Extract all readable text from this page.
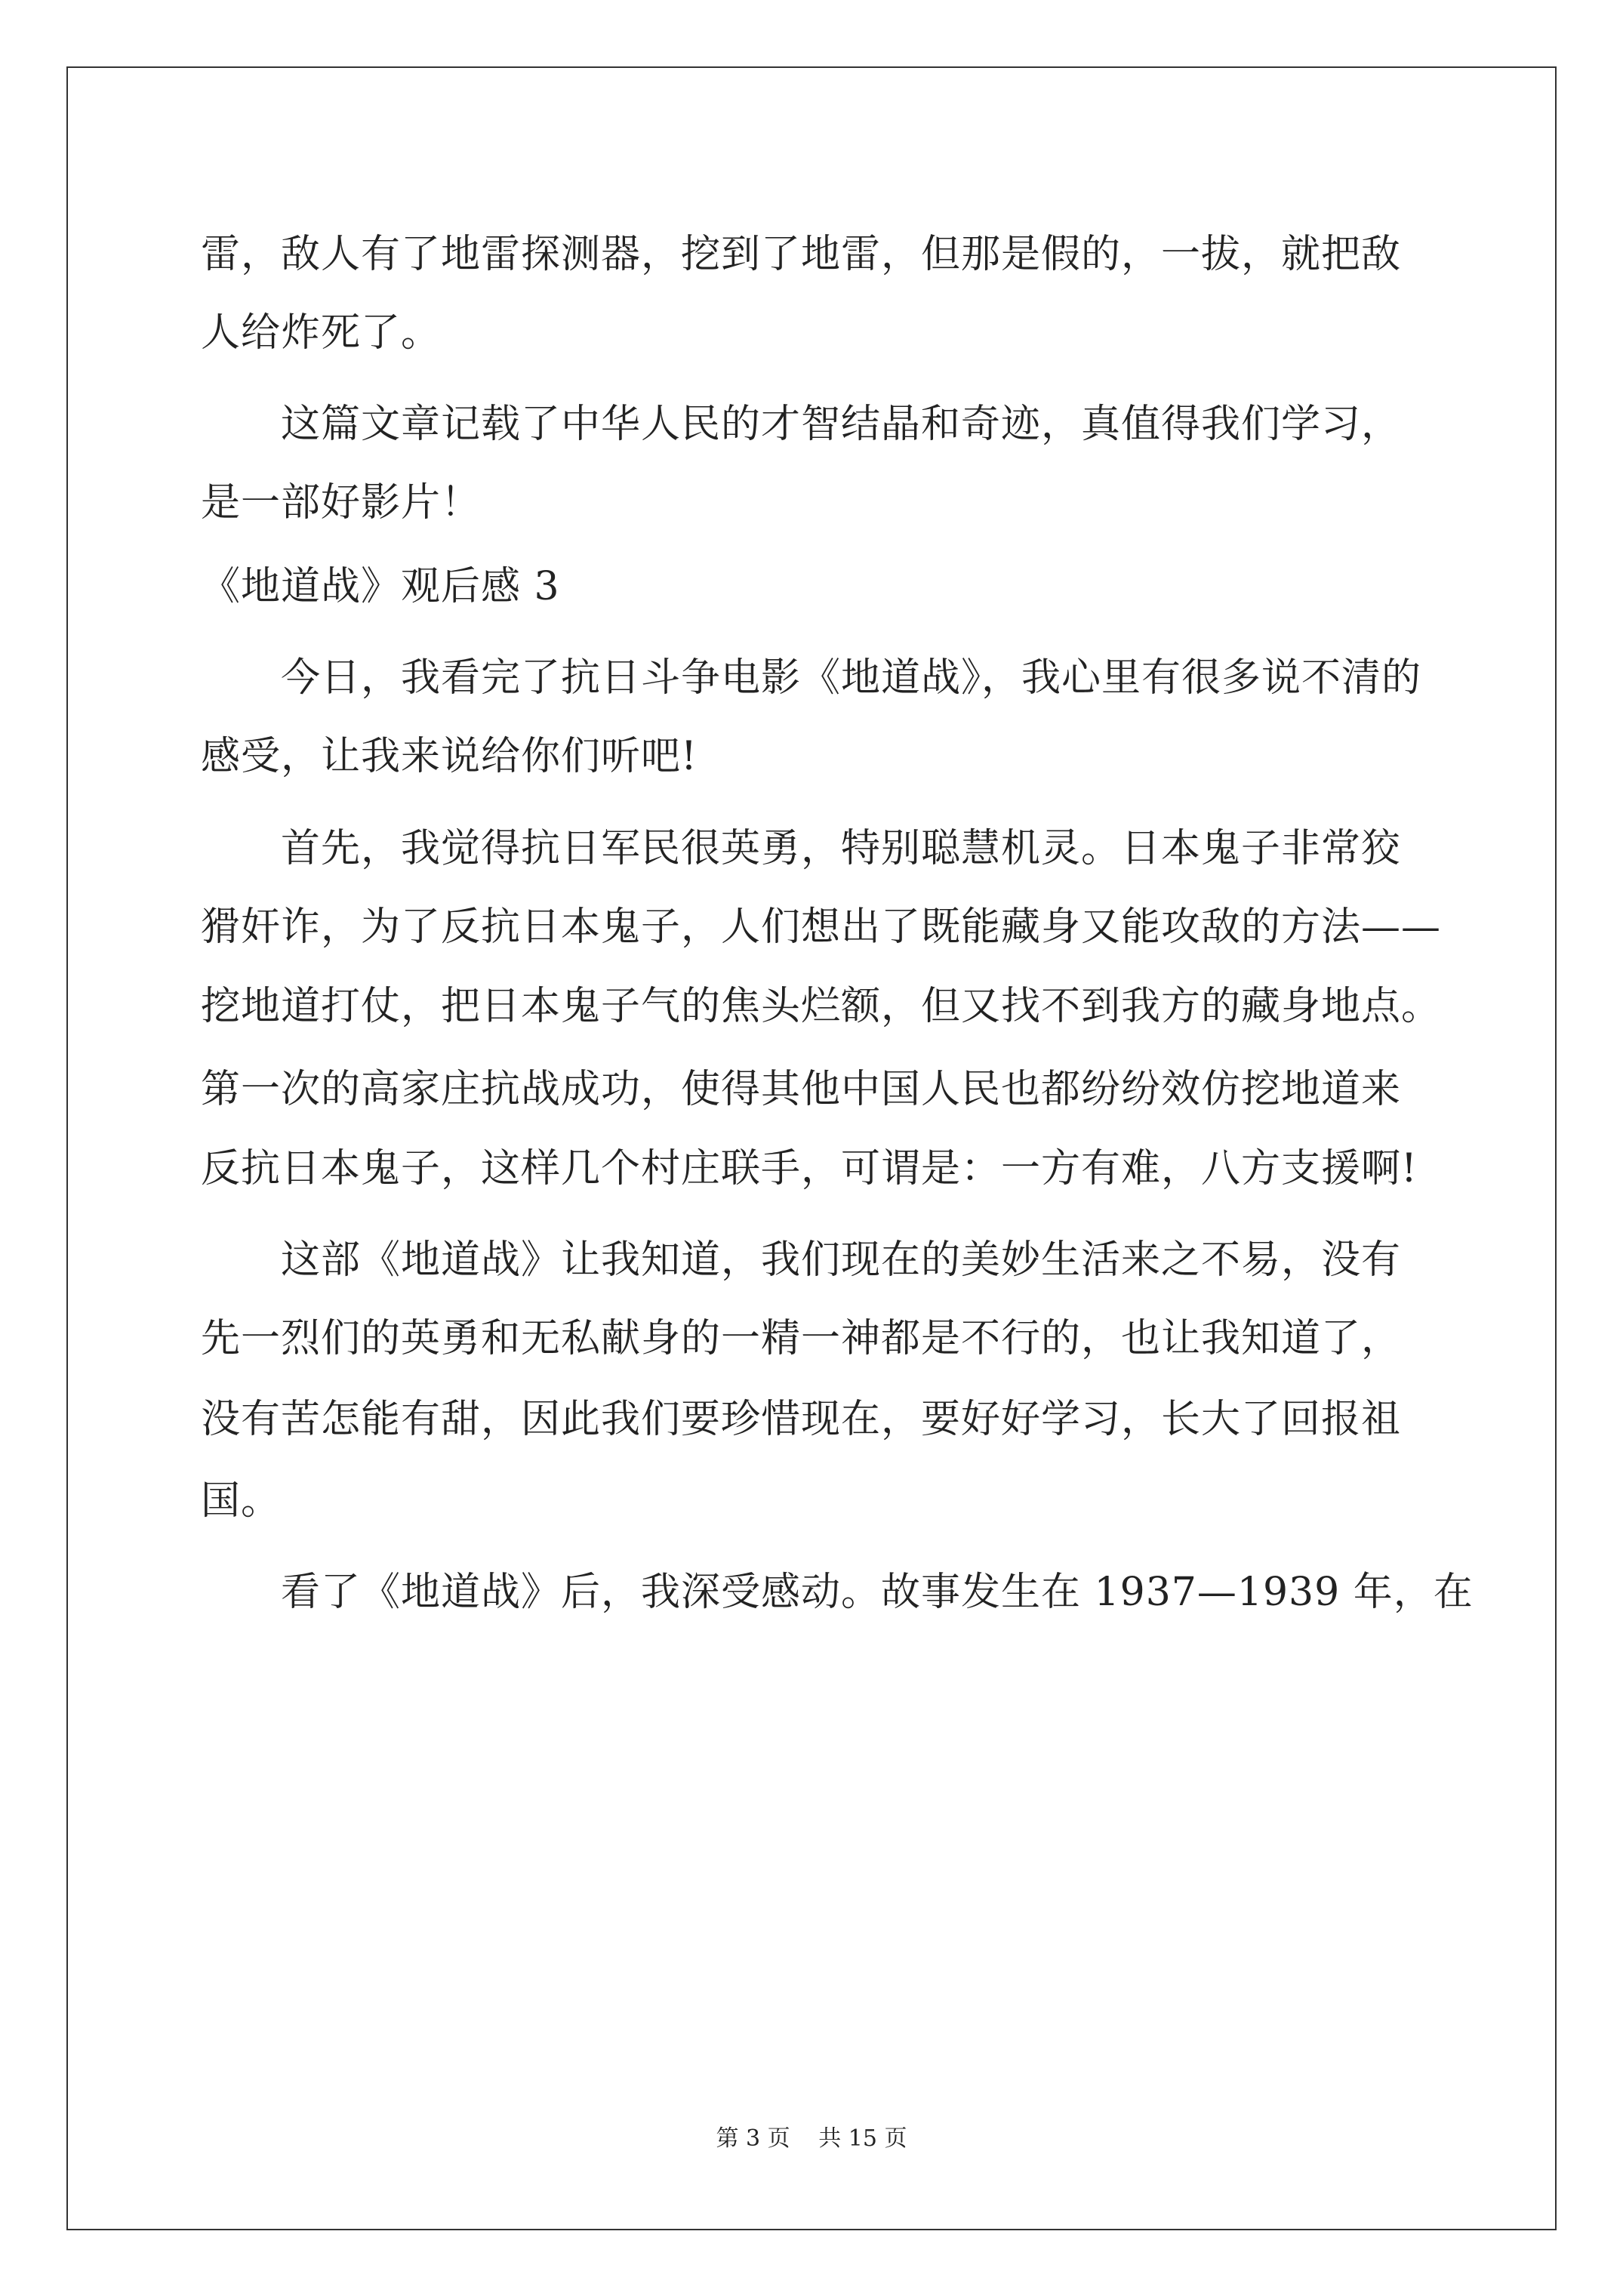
雷，敌人有了地雷探测器，挖到了地雷，但那是假的，一拔，就把敌

人给炸死了。

这篇文章记载了中华人民的才智结晶和奇迹，真值得我们学习，

是一部好影片！

《地道战》观后感 3

今日，我看完了抗日斗争电影《地道战》，我心里有很多说不清的

感受，让我来说给你们听吧!

首先，我觉得抗日军民很英勇，特别聪慧机灵。日本鬼子非常狡

猾奸诈，为了反抗日本鬼子，人们想出了既能藏身又能攻敌的方法——

挖地道打仗，把日本鬼子气的焦头烂额，但又找不到我方的藏身地点。

第一次的高家庄抗战成功，使得其他中国人民也都纷纷效仿挖地道来

反抗日本鬼子，这样几个村庄联手，可谓是：一方有难，八方支援啊!

这部《地道战》让我知道，我们现在的美妙生活来之不易，没有

先一烈们的英勇和无私献身的一精一神都是不行的，也让我知道了，

没有苦怎能有甜，因此我们要珍惜现在，要好好学习，长大了回报祖

国。

看了《地道战》后，我深受感动。故事发生在 1937—1939 年，在

第 3 页 共 15 页
